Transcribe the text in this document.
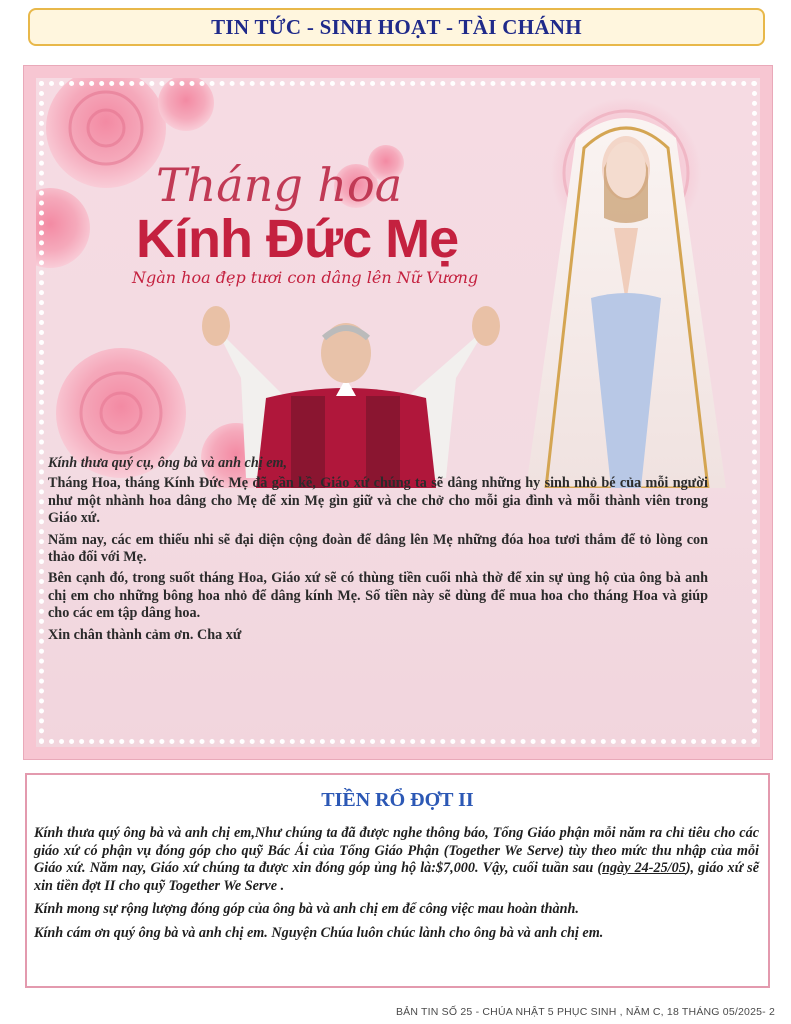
TIN TỨC - SINH HOẠT - TÀI CHÁNH
Tháng hoa
Kính Đức Mẹ
Ngàn hoa đẹp tươi con dâng lên Nữ Vương

Kính thưa quý cụ, ông bà và anh chị em,

Tháng Hoa, tháng Kính Đức Mẹ đã gần kề, Giáo xứ chúng ta sẽ dâng những hy sinh nhỏ bé của mỗi người như một nhành hoa dâng cho Mẹ để xin Mẹ gìn giữ và che chở cho mỗi gia đình và mỗi thành viên trong Giáo xứ.

Năm nay, các em thiếu nhi sẽ đại diện cộng đoàn để dâng lên Mẹ những đóa hoa tươi thắm để tỏ lòng con thảo đối với Mẹ.

Bên cạnh đó, trong suốt tháng Hoa, Giáo xứ sẽ có thùng tiền cuối nhà thờ để xin sự ủng hộ của ông bà anh chị em cho những bông hoa nhỏ để dâng kính Mẹ. Số tiền này sẽ dùng để mua hoa cho tháng Hoa và giúp cho các em tập dâng hoa.

Xin chân thành cảm ơn. Cha xứ

TIỀN RỔ ĐỢT II

Kính thưa quý ông bà và anh chị em,Như chúng ta đã được nghe thông báo, Tổng Giáo phận mỗi năm ra chỉ tiêu cho các giáo xứ có phận vụ đóng góp cho quỹ Bác Ái của Tổng Giáo Phận (Together We Serve) tùy theo mức thu nhập của mỗi Giáo xứ. Năm nay, Giáo xứ chúng ta được xin đóng góp ủng hộ là:$7,000. Vậy, cuối tuần sau (ngày 24-25/05), giáo xứ sẽ xin tiền đợt II cho quỹ Together We Serve .

Kính mong sự rộng lượng đóng góp của ông bà và anh chị em để công việc mau hoàn thành.

Kính cám ơn quý ông bà và anh chị em. Nguyện Chúa luôn chúc lành cho ông bà và anh chị em.

BẢN TIN SỐ 25 - CHÚA NHẬT 5 PHỤC SINH , NĂM C, 18 THÁNG 05/2025- 2
